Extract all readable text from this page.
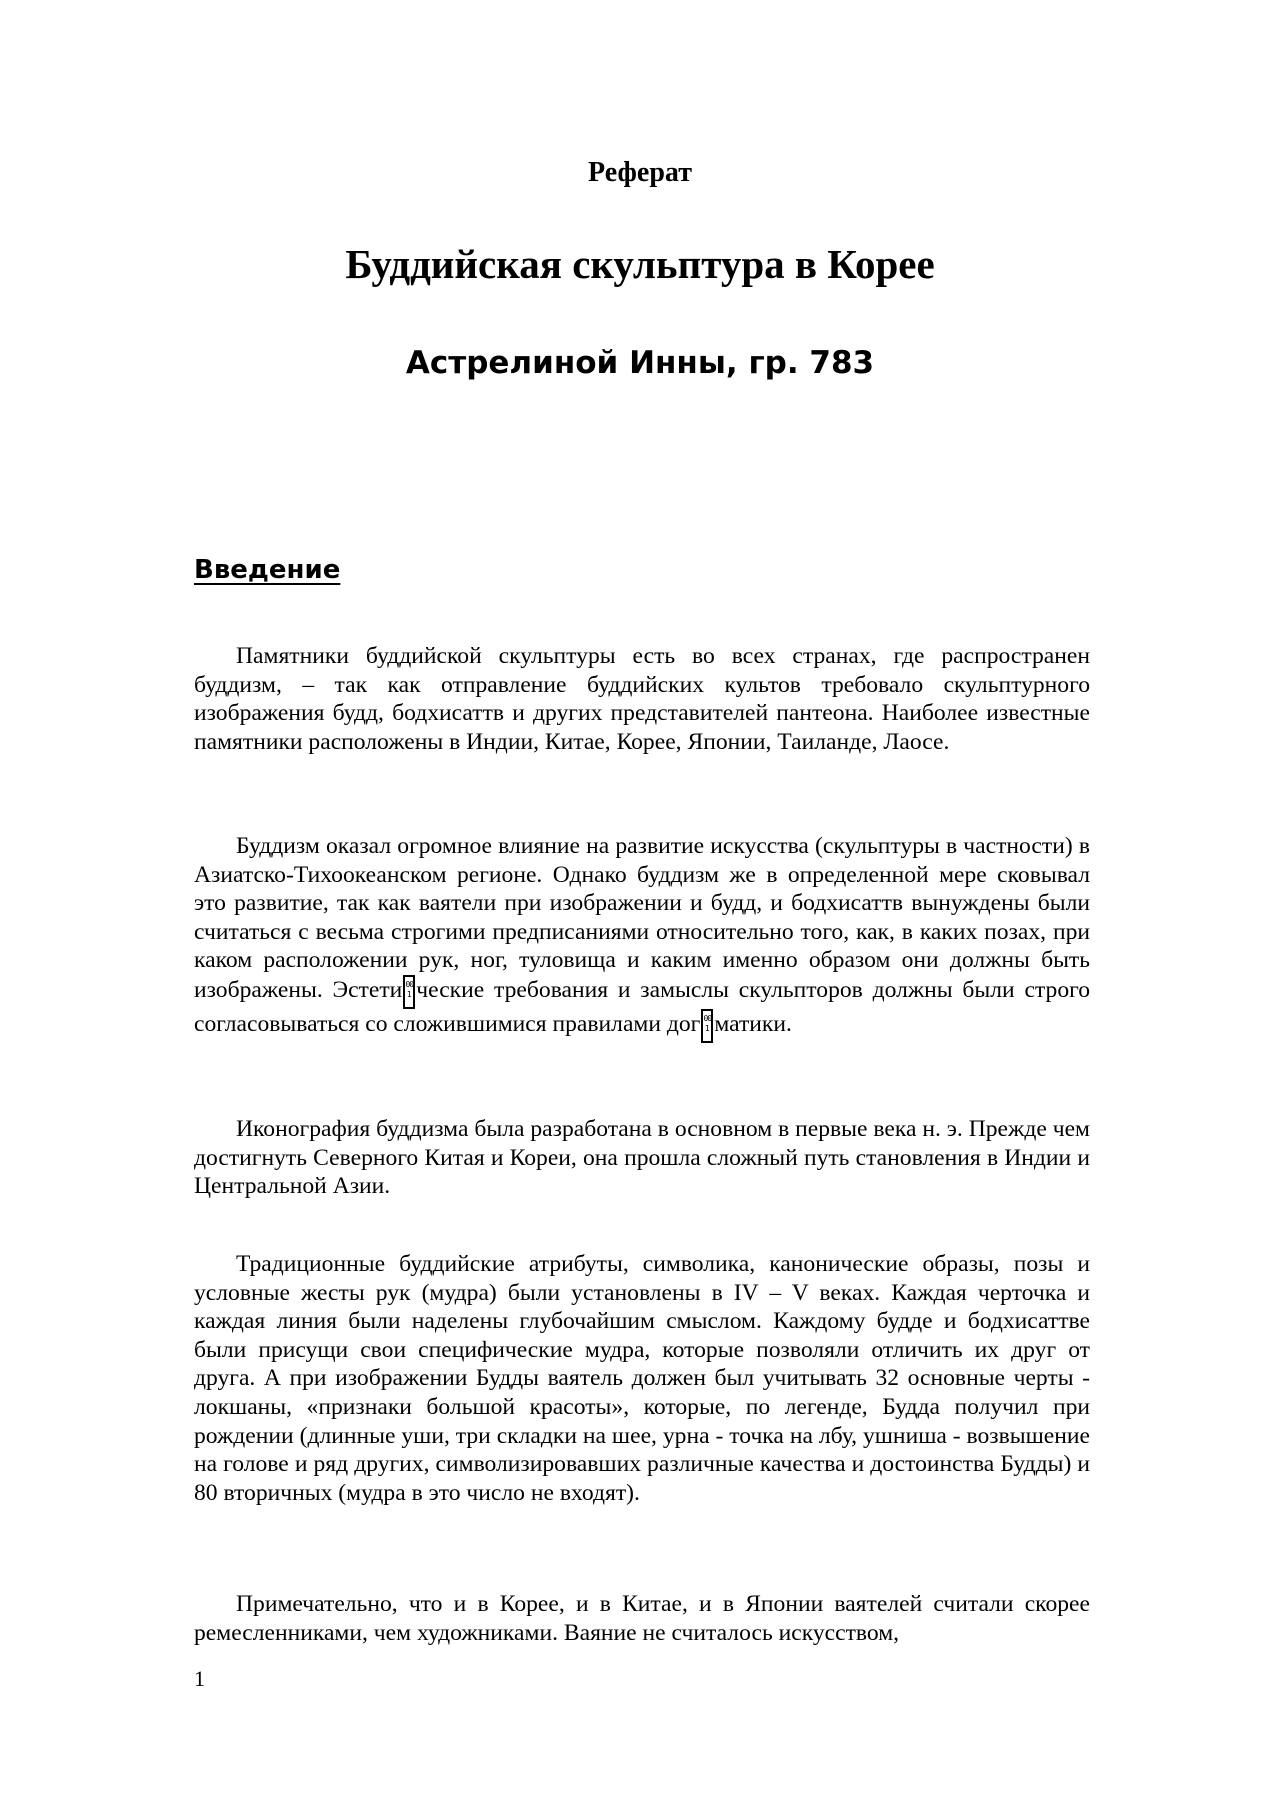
Реферат

Буддийская скульптура в Корее
Астрелиной Инны, гр. 783
Введение

Памятники буддийской скульптуры есть во всех странах, где распространен буддизм, – так как отправление буддийских культов требовало скульптурного изображения будд, бодхисаттв и других представителей пантеона. Наиболее известные памятники расположены в Индии, Китае, Корее, Японии, Таиланде, Лаосе.

Буддизм оказал огромное влияние на развитие искусства (скульптуры в частности) в Азиатско-Тихоокеанском регионе. Однако буддизм же в определенной мере сковывал это развитие, так как ваятели при изображении и будд, и бодхисаттв вынуждены были считаться с весьма строгими предписаниями относительно того, как, в каких позах, при каком расположении рук, ног, туловища и каким именно образом они должны быть изображены. Эстети 00 1 ческие требования и замыслы скульпторов должны были строго согласовываться со сложившимися правилами дог 00 1 матики.

Иконография буддизма была разработана в основном в первые века н. э. Прежде чем достигнуть Северного Китая и Кореи, она прошла сложный путь становления в Индии и Центральной Азии.

Традиционные буддийские атрибуты, символика, канонические образы, позы и условные жесты рук (мудра) были установлены в IV – V веках. Каждая черточка и каждая линия были наделены глубочайшим смыслом. Каждому будде и бодхисаттве были присущи свои специфические мудра, которые позволяли отличить их друг от друга. А при изображении Будды ваятель должен был учитывать 32 основные черты - локшаны, «признаки большой красоты», которые, по легенде, Будда получил при рождении (длинные уши, три складки на шее, урна - точка на лбу, ушниша - возвышение на голове и ряд других, символизировавших различные качества и достоинства Будды) и 80 вторичных (мудра в это число не входят).

Примечательно, что и в Корее, и в Китае, и в Японии ваятелей считали скорее ремесленниками, чем художниками. Ваяние не считалось искусством,

1
